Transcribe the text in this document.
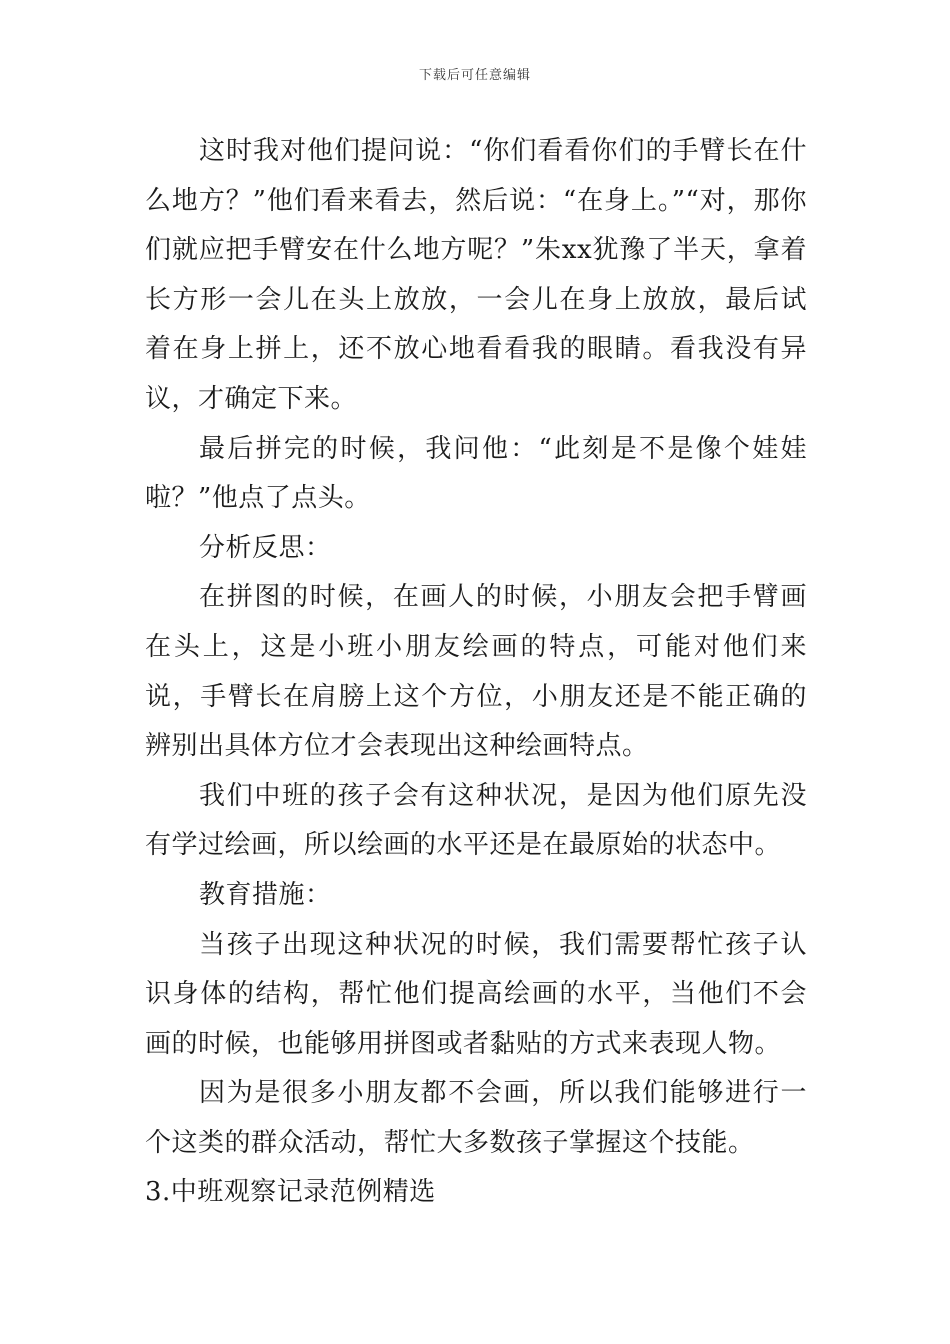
下载后可任意编辑

这时我对他们提问说：“你们看看你们的手臂长在什么地方？”他们看来看去，然后说：“在身上。”“对，那你们就应把手臂安在什么地方呢？”朱xx犹豫了半天，拿着长方形一会儿在头上放放，一会儿在身上放放，最后试着在身上拼上，还不放心地看看我的眼睛。看我没有异议，才确定下来。

最后拼完的时候，我问他：“此刻是不是像个娃娃啦？”他点了点头。

分析反思：

在拼图的时候，在画人的时候，小朋友会把手臂画在头上，这是小班小朋友绘画的特点，可能对他们来说，手臂长在肩膀上这个方位，小朋友还是不能正确的辨别出具体方位才会表现出这种绘画特点。

我们中班的孩子会有这种状况，是因为他们原先没有学过绘画，所以绘画的水平还是在最原始的状态中。

教育措施：

当孩子出现这种状况的时候，我们需要帮忙孩子认识身体的结构，帮忙他们提高绘画的水平，当他们不会画的时候，也能够用拼图或者黏贴的方式来表现人物。

因为是很多小朋友都不会画，所以我们能够进行一个这类的群众活动，帮忙大多数孩子掌握这个技能。

3.中班观察记录范例精选
